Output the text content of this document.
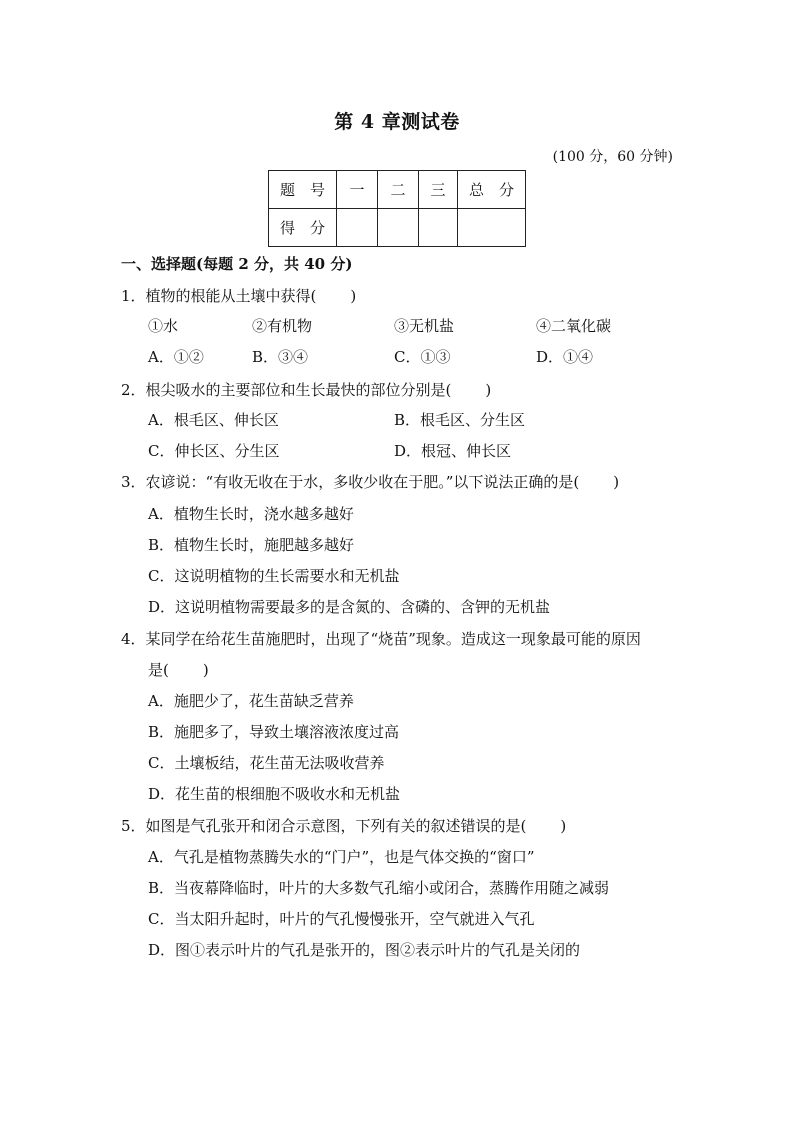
第 4 章测试卷
(100 分，60 分钟)
题　号	一	二	三	总　分
得　分				
一、选择题(每题 2 分，共 40 分)
1．植物的根能从土壤中获得( )
①水	②有机物	③无机盐	④二氧化碳
A．①②	B．③④	C．①③	D．①④
2．根尖吸水的主要部位和生长最快的部位分别是( )
A．根毛区、伸长区	B．根毛区、分生区
C．伸长区、分生区	D．根冠、伸长区
3．农谚说：“有收无收在于水，多收少收在于肥。”以下说法正确的是( )
A．植物生长时，浇水越多越好
B．植物生长时，施肥越多越好
C．这说明植物的生长需要水和无机盐
D．这说明植物需要最多的是含氮的、含磷的、含钾的无机盐
4．某同学在给花生苗施肥时，出现了“烧苗”现象。造成这一现象最可能的原因
是( )
A．施肥少了，花生苗缺乏营养
B．施肥多了，导致土壤溶液浓度过高
C．土壤板结，花生苗无法吸收营养
D．花生苗的根细胞不吸收水和无机盐
5．如图是气孔张开和闭合示意图，下列有关的叙述错误的是( )
A．气孔是植物蒸腾失水的“门户”，也是气体交换的“窗口”
B．当夜幕降临时，叶片的大多数气孔缩小或闭合，蒸腾作用随之减弱
C．当太阳升起时，叶片的气孔慢慢张开，空气就进入气孔
D．图①表示叶片的气孔是张开的，图②表示叶片的气孔是关闭的
